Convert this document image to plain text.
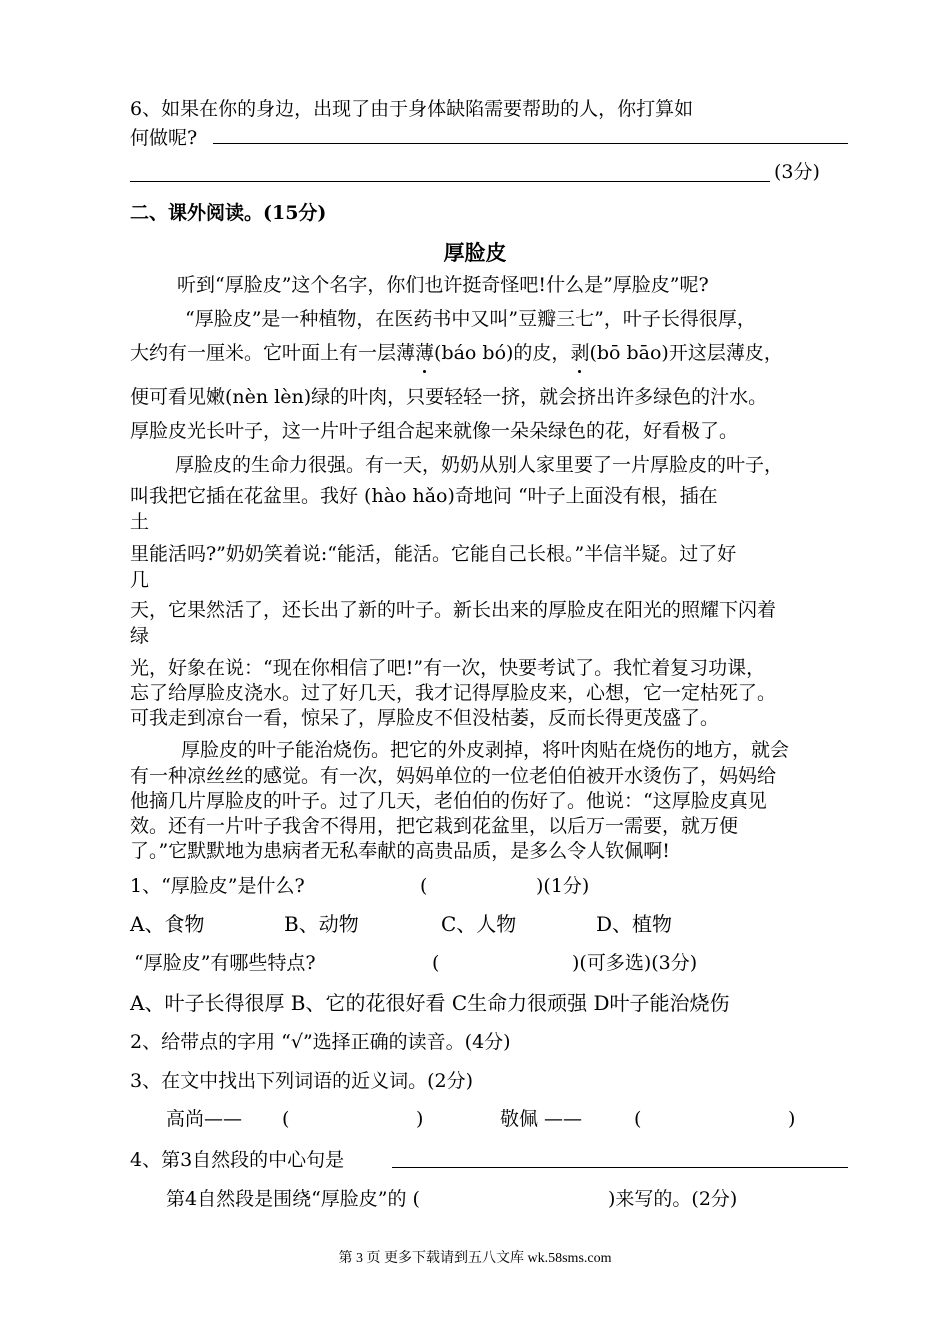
6、如果在你的身边，出现了由于身体缺陷需要帮助的人，你打算如
何做呢?
(3分)
二、课外阅读。(15分)
厚脸皮
听到“厚脸皮”这个名字，你们也许挺奇怪吧!什么是”厚脸皮”呢?
“厚脸皮”是一种植物，在医药书中又叫”豆瓣三七”，叶子长得很厚，
大约有一厘米。它叶面上有一层薄薄(báo bó)的皮，剥(bō bāo)开这层薄皮，
便可看见嫩(nèn lèn)绿的叶肉，只要轻轻一挤，就会挤出许多绿色的汁水。
厚脸皮光长叶子，这一片叶子组合起来就像一朵朵绿色的花，好看极了。
厚脸皮的生命力很强。有一天，奶奶从别人家里要了一片厚脸皮的叶子，
叫我把它插在花盆里。我好 (hào hǎo)奇地问 “叶子上面没有根，插在
土
里能活吗?”奶奶笑着说:“能活，能活。它能自己长根。”半信半疑。过了好
几
天，它果然活了，还长出了新的叶子。新长出来的厚脸皮在阳光的照耀下闪着
绿
光，好象在说：“现在你相信了吧!”有一次，快要考试了。我忙着复习功课，
忘了给厚脸皮浇水。过了好几天，我才记得厚脸皮来，心想，它一定枯死了。
可我走到凉台一看，惊呆了，厚脸皮不但没枯萎，反而长得更茂盛了。
厚脸皮的叶子能治烧伤。把它的外皮剥掉，将叶肉贴在烧伤的地方，就会
有一种凉丝丝的感觉。有一次，妈妈单位的一位老伯伯被开水烫伤了，妈妈给
他摘几片厚脸皮的叶子。过了几天，老伯伯的伤好了。他说：“这厚脸皮真见
效。还有一片叶子我舍不得用，把它栽到花盆里，以后万一需要，就万便
了。”它默默地为患病者无私奉献的高贵品质，是多么令人钦佩啊!
1、“厚脸皮”是什么?	(	)(1分)
A、食物	B、动物	C、人物	D、植物
“厚脸皮”有哪些特点?	(	)(可多选)(3分)
A、叶子长得很厚 B、它的花很好看 C生命力很顽强 D叶子能治烧伤
2、给带点的字用 “√”选择正确的读音。(4分)
3、在文中找出下列词语的近义词。(2分)
高尚—— (	)	敬佩 ——	(	)
4、第3自然段的中心句是
第4自然段是围绕“厚脸皮”的 (	)来写的。(2分)
第 3 页 更多下载请到五八文库 wk.58sms.com
